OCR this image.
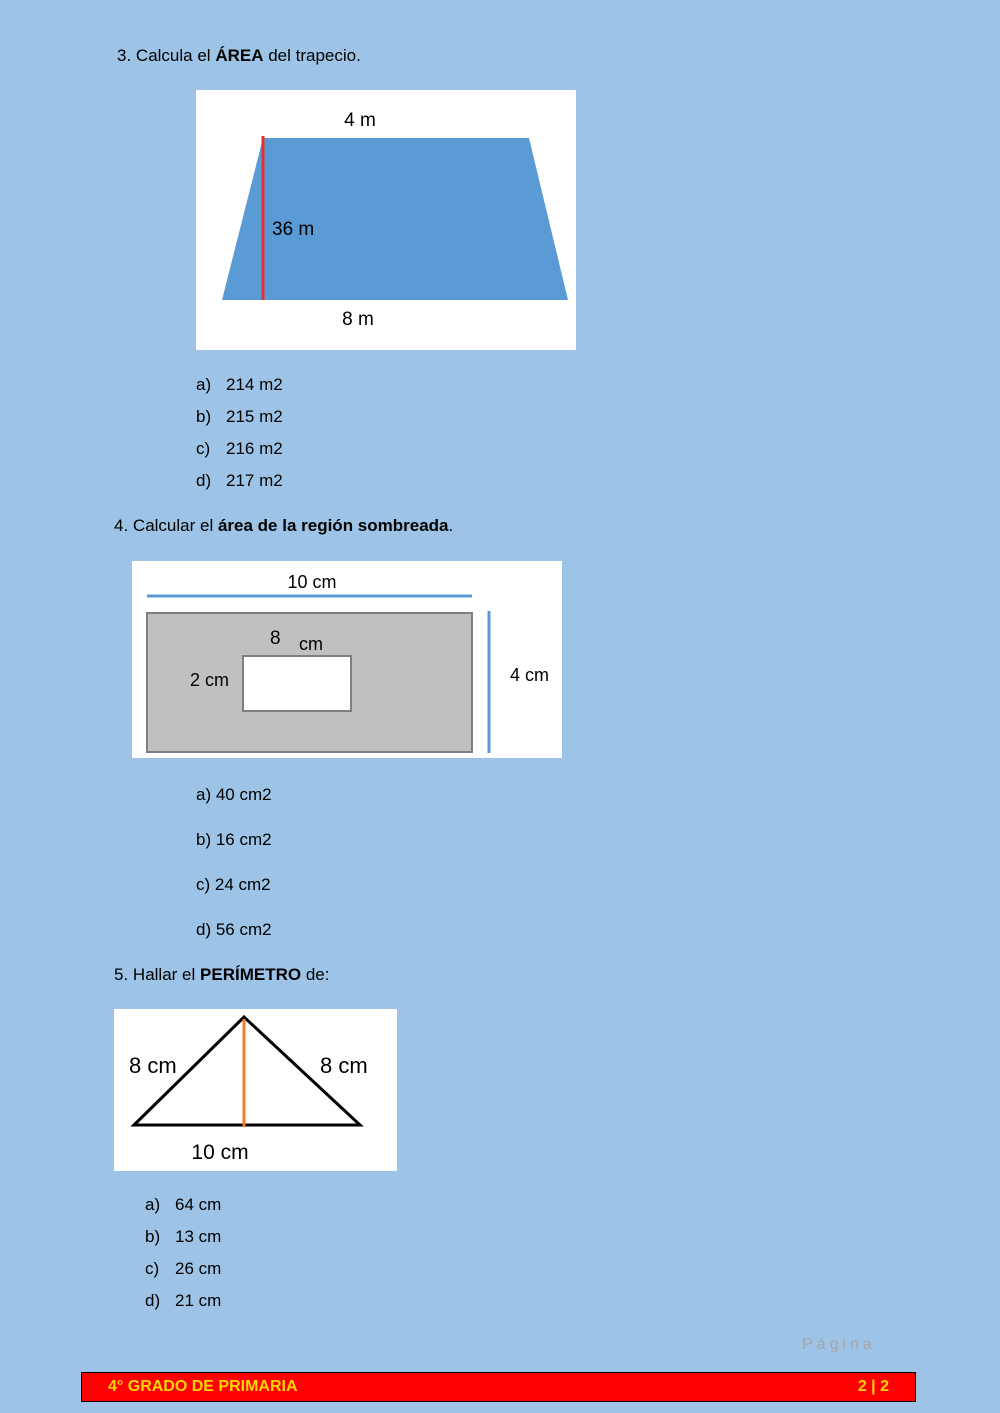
3. Calcula el ÁREA del trapecio.
4 m
36 m
8 m
a) 214 m2
b) 215 m2
c) 216 m2
d) 217 m2
4. Calcular el área de la región sombreada.
10 cm
8 cm
2 cm	4 cm
a) 40 cm2
b) 16 cm2
c) 24 cm2
d) 56 cm2
5. Hallar el PERÍMETRO de:
8 cm	8 cm
10 cm
a) 64 cm
b) 13 cm
c) 26 cm
d) 21 cm
Página
4° GRADO DE PRIMARIA	2 | 2
